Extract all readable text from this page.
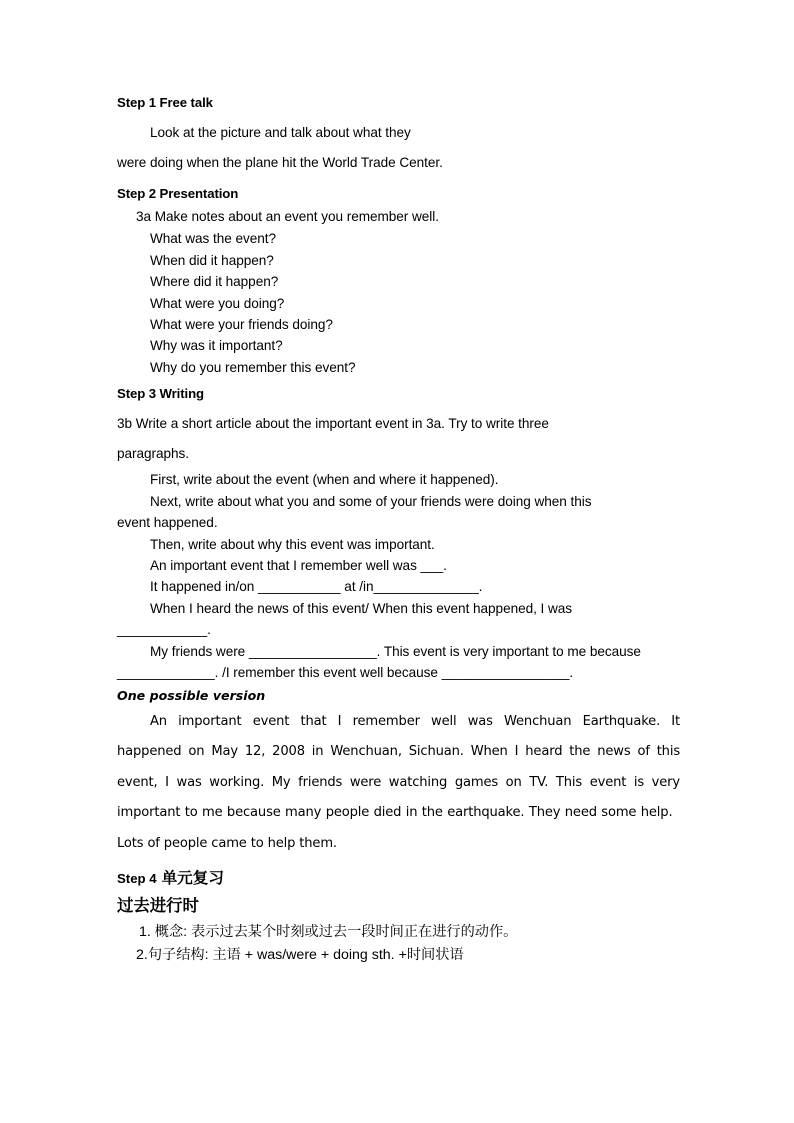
Step 1 Free talk

Look at the picture and talk about what they

were doing when the plane hit the World Trade Center.

Step 2 Presentation

3a Make notes about an event you remember well.

What was the event?
When did it happen?
Where did it happen?
What were you doing?
What were your friends doing?
Why was it important?
Why do you remember this event?

Step 3 Writing

3b Write a short article about the important event in 3a. Try to write three

paragraphs.

First, write about the event (when and where it happened).

Next, write about what you and some of your friends were doing when this

event happened.

Then, write about why this event was important.

An important event that I remember well was ___.

It happened in/on ___________ at /in______________.

When I heard the news of this event/ When this event happened, I was

____________.

My friends were _________________. This event is very important to me because _____________. /I remember this event well because _________________.

One possible version

An important event that I remember well was Wenchuan Earthquake. It happened on May 12, 2008 in Wenchuan, Sichuan. When I heard the news of this event, I was working. My friends were watching games on TV. This event is very important to me because many people died in the earthquake. They need some help.

Lots of people came to help them.

Step 4 单元复习

过去进行时

1. 概念: 表示过去某个时刻或过去一段时间正在进行的动作。

2.句子结构: 主语 + was/were + doing sth. +时间状语
